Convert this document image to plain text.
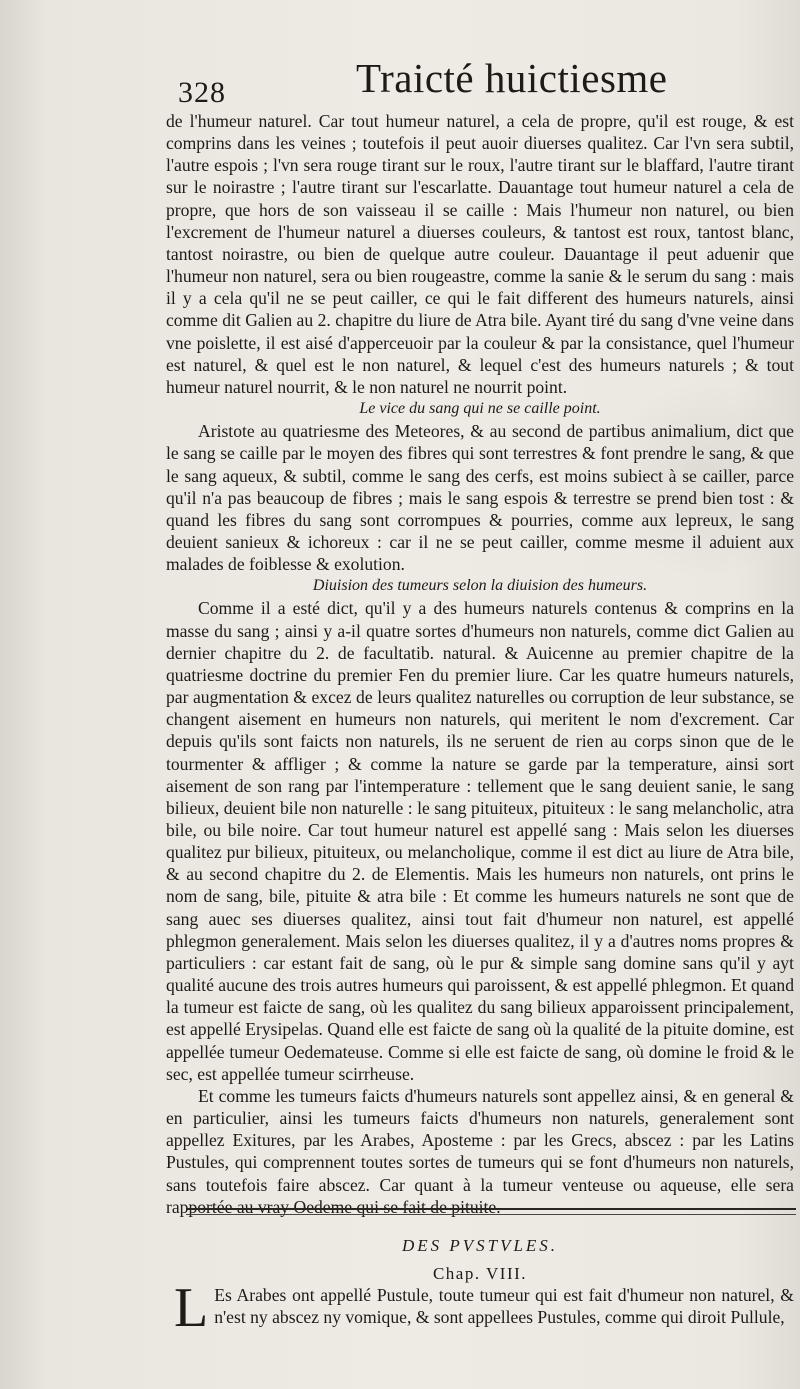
328	Traicté huictiesme

de l'humeur naturel. Car tout humeur naturel, a cela de propre, qu'il est rouge, & est comprins dans les veines ; toutefois il peut auoir diuerses qualitez. Car l'vn sera subtil, l'autre espois ; l'vn sera rouge tirant sur le roux, l'autre tirant sur le blaffard, l'autre tirant sur le noirastre ; l'autre tirant sur l'escarlatte. Dauantage tout humeur naturel a cela de propre, que hors de son vaisseau il se caille : Mais l'humeur non naturel, ou bien l'excrement de l'humeur naturel a diuerses couleurs, & tantost est roux, tantost blanc, tantost noirastre, ou bien de quelque autre couleur. Dauantage il peut aduenir que l'humeur non naturel, sera ou bien rougeastre, comme la sanie & le serum du sang : mais il y a cela qu'il ne se peut cailler, ce qui le fait different des humeurs naturels, ainsi comme dit Galien au 2. chapitre du liure de Atra bile. Ayant tiré du sang d'vne veine dans vne poislette, il est aisé d'apperceuoir par la couleur & par la consistance, quel l'humeur est naturel, & quel est le non naturel, & lequel c'est des humeurs naturels ; & tout humeur naturel nourrit, & le non naturel ne nourrit point.

Le vice du sang qui ne se caille point.

Aristote au quatriesme des Meteores, & au second de partibus animalium, dict que le sang se caille par le moyen des fibres qui sont terrestres & font prendre le sang, & que le sang aqueux, & subtil, comme le sang des cerfs, est moins subiect à se cailler, parce qu'il n'a pas beaucoup de fibres ; mais le sang espois & terrestre se prend bien tost : & quand les fibres du sang sont corrompues & pourries, comme aux lepreux, le sang deuient sanieux & ichoreux : car il ne se peut cailler, comme mesme il aduient aux malades de foiblesse & exolution.

Diuision des tumeurs selon la diuision des humeurs.

Comme il a esté dict, qu'il y a des humeurs naturels contenus & comprins en la masse du sang ; ainsi y a-il quatre sortes d'humeurs non naturels, comme dict Galien au dernier chapitre du 2. de facultatib. natural. & Auicenne au premier chapitre de la quatriesme doctrine du premier Fen du premier liure. Car les quatre humeurs naturels, par augmentation & excez de leurs qualitez naturelles ou corruption de leur substance, se changent aisement en humeurs non naturels, qui meritent le nom d'excrement. Car depuis qu'ils sont faicts non naturels, ils ne seruent de rien au corps sinon que de le tourmenter & affliger ; & comme la nature se garde par la temperature, ainsi sort aisement de son rang par l'intemperature : tellement que le sang deuient sanie, le sang bilieux, deuient bile non naturelle : le sang pituiteux, pituiteux : le sang melancholic, atra bile, ou bile noire. Car tout humeur naturel est appellé sang : Mais selon les diuerses qualitez pur bilieux, pituiteux, ou melancholique, comme il est dict au liure de Atra bile, & au second chapitre du 2. de Elementis. Mais les humeurs non naturels, ont prins le nom de sang, bile, pituite & atra bile : Et comme les humeurs naturels ne sont que de sang auec ses diuerses qualitez, ainsi tout fait d'humeur non naturel, est appellé phlegmon generalement. Mais selon les diuerses qualitez, il y a d'autres noms propres & particuliers : car estant fait de sang, où le pur & simple sang domine sans qu'il y ayt qualité aucune des trois autres humeurs qui paroissent, & est appellé phlegmon. Et quand la tumeur est faicte de sang, où les qualitez du sang bilieux apparoissent principalement, est appellé Erysipelas. Quand elle est faicte de sang où la qualité de la pituite domine, est appellée tumeur Oedemateuse. Comme si elle est faicte de sang, où domine le froid & le sec, est appellée tumeur scirrheuse.

Et comme les tumeurs faicts d'humeurs naturels sont appellez ainsi, & en general & en particulier, ainsi les tumeurs faicts d'humeurs non naturels, generalement sont appellez Exitures, par les Arabes, Aposteme : par les Grecs, abscez : par les Latins Pustules, qui comprennent toutes sortes de tumeurs qui se font d'humeurs non naturels, sans toutefois faire abscez. Car quant à la tumeur venteuse ou aqueuse, elle sera rapportée au vray Oedeme qui se fait de pituite.

DES PVSTVLES.
Chap. VIII.
L Es Arabes ont appellé Pustule, toute tumeur qui est fait d'humeur non naturel, & n'est ny abscez ny vomique, & sont appellees Pustules, comme qui diroit Pullule,
